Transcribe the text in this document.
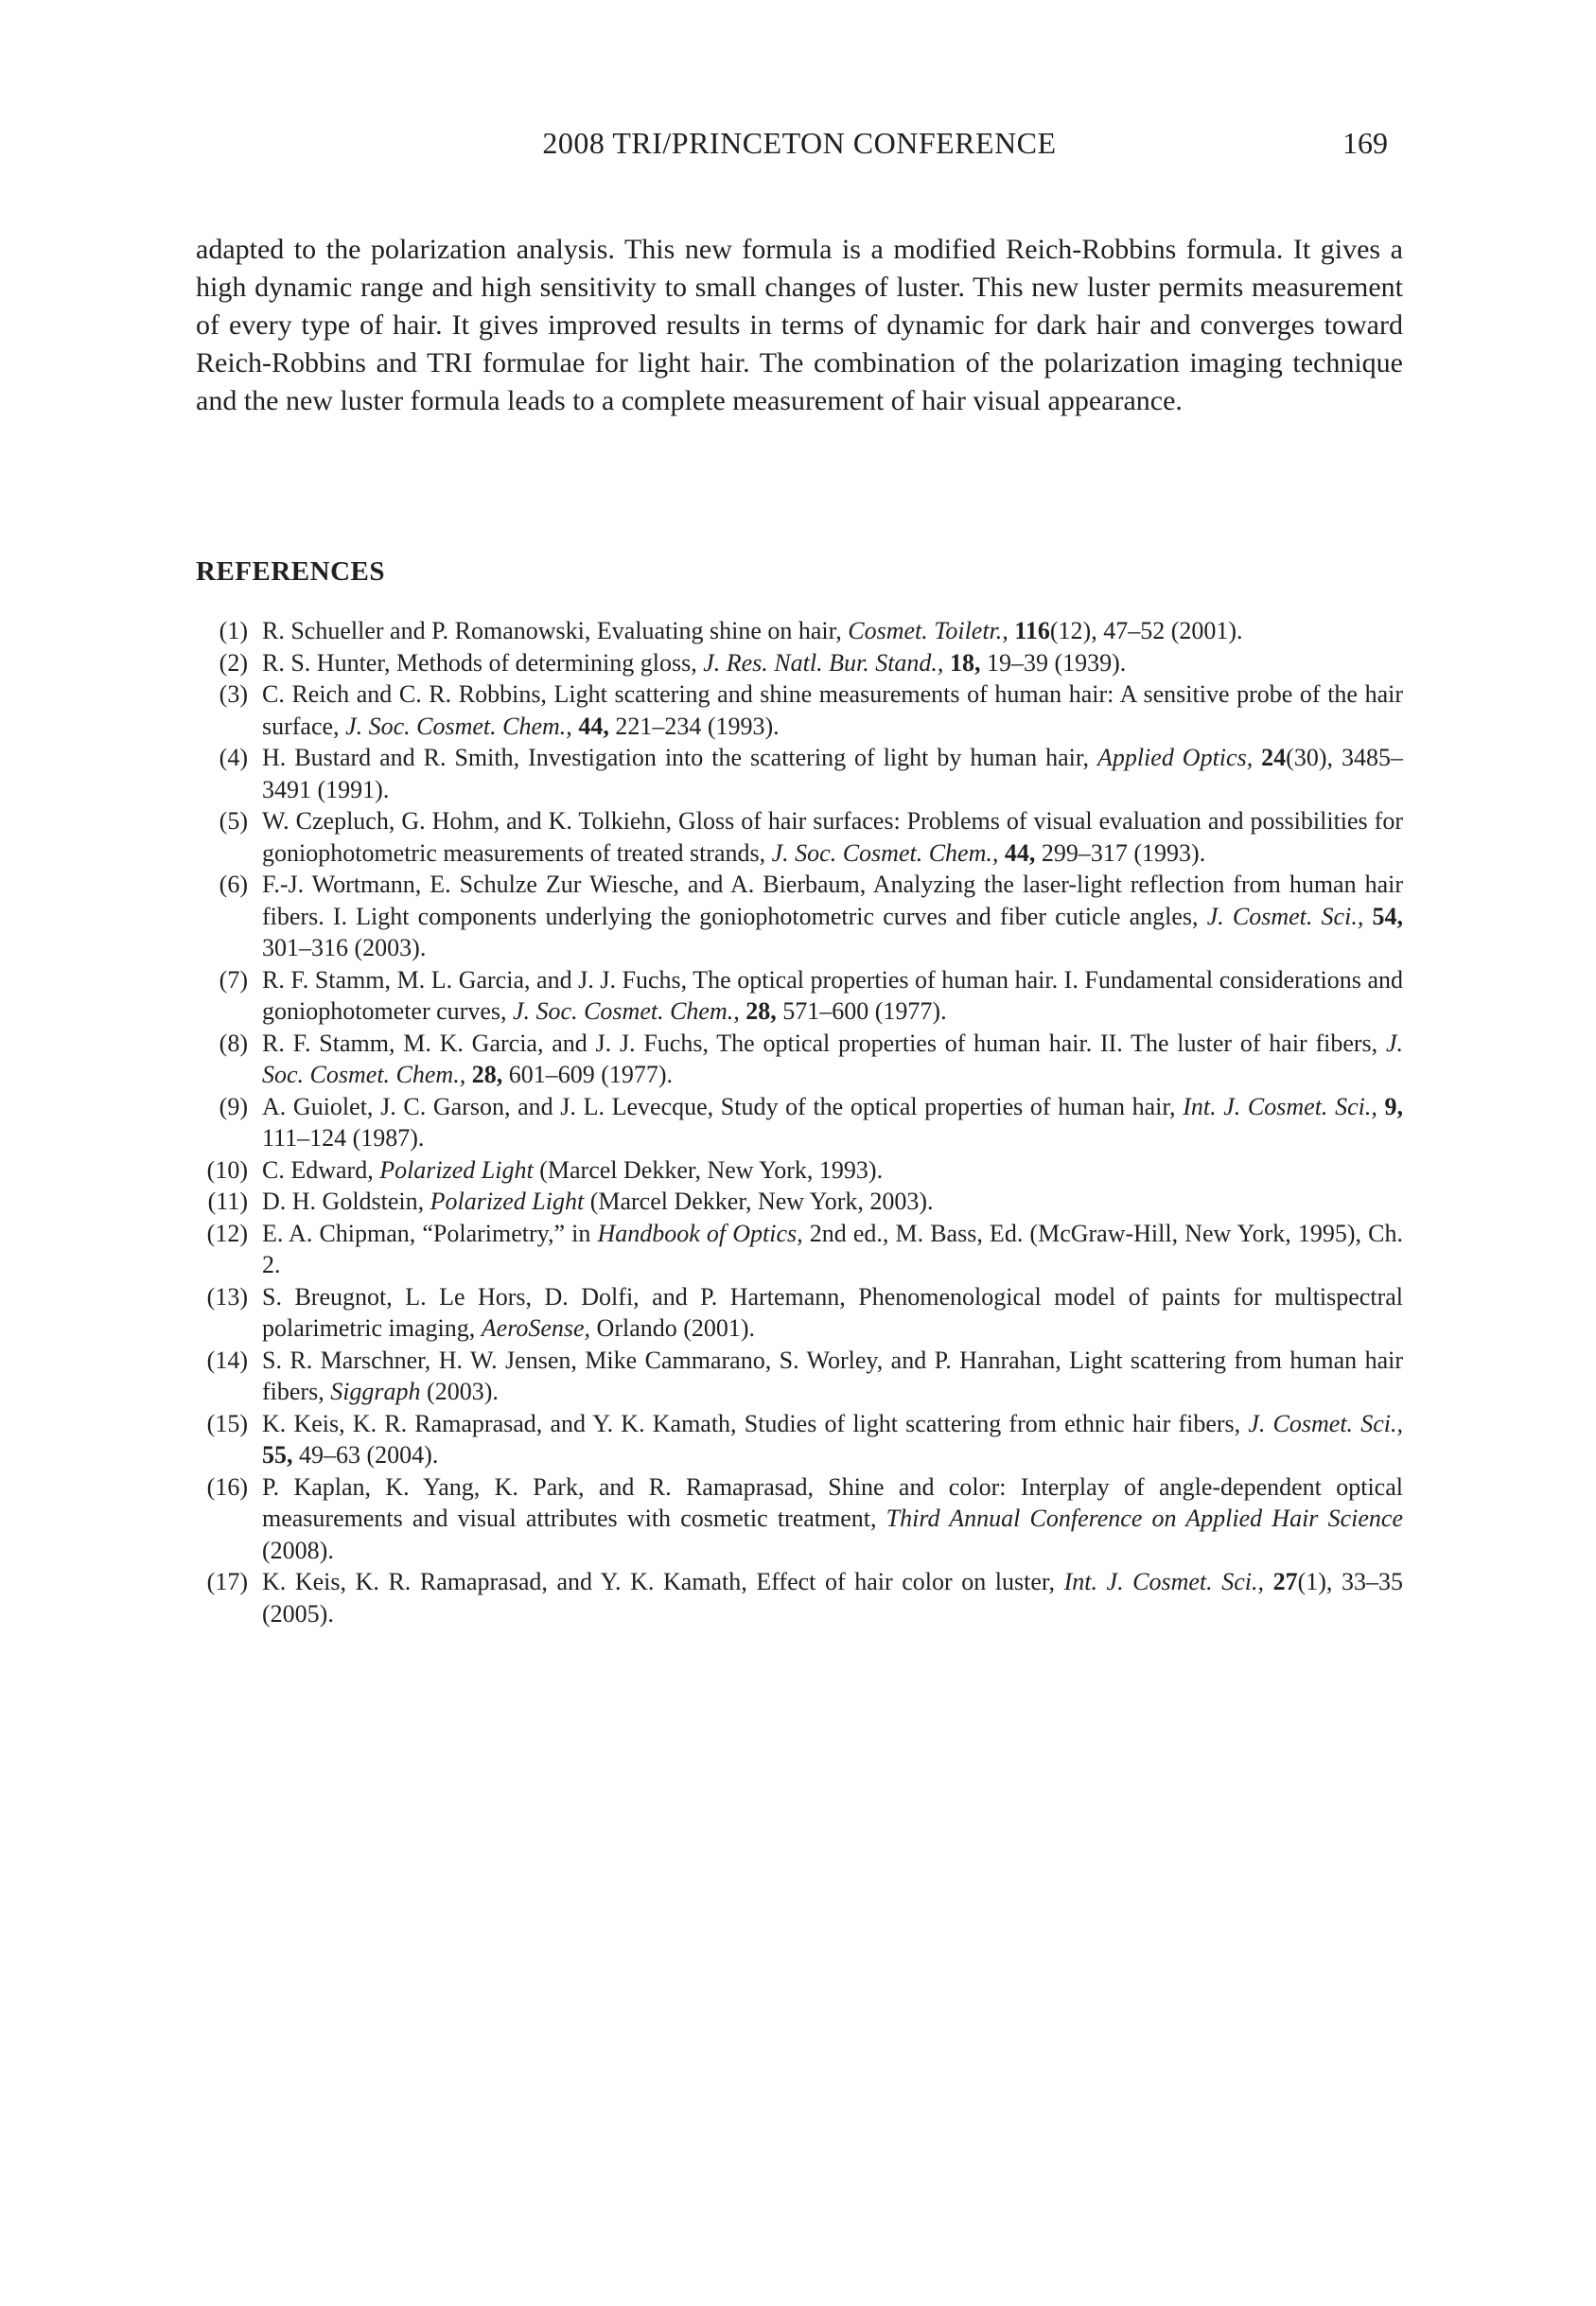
2008 TRI/PRINCETON CONFERENCE	169
adapted to the polarization analysis. This new formula is a modified Reich-Robbins formula. It gives a high dynamic range and high sensitivity to small changes of luster. This new luster permits measurement of every type of hair. It gives improved results in terms of dynamic for dark hair and converges toward Reich-Robbins and TRI formulae for light hair. The combination of the polarization imaging technique and the new luster formula leads to a complete measurement of hair visual appearance.
REFERENCES
(1) R. Schueller and P. Romanowski, Evaluating shine on hair, Cosmet. Toiletr., 116(12), 47–52 (2001).
(2) R. S. Hunter, Methods of determining gloss, J. Res. Natl. Bur. Stand., 18, 19–39 (1939).
(3) C. Reich and C. R. Robbins, Light scattering and shine measurements of human hair: A sensitive probe of the hair surface, J. Soc. Cosmet. Chem., 44, 221–234 (1993).
(4) H. Bustard and R. Smith, Investigation into the scattering of light by human hair, Applied Optics, 24(30), 3485–3491 (1991).
(5) W. Czepluch, G. Hohm, and K. Tolkiehn, Gloss of hair surfaces: Problems of visual evaluation and possibilities for goniophotometric measurements of treated strands, J. Soc. Cosmet. Chem., 44, 299–317 (1993).
(6) F.-J. Wortmann, E. Schulze Zur Wiesche, and A. Bierbaum, Analyzing the laser-light reflection from human hair fibers. I. Light components underlying the goniophotometric curves and fiber cuticle angles, J. Cosmet. Sci., 54, 301–316 (2003).
(7) R. F. Stamm, M. L. Garcia, and J. J. Fuchs, The optical properties of human hair. I. Fundamental considerations and goniophotometer curves, J. Soc. Cosmet. Chem., 28, 571–600 (1977).
(8) R. F. Stamm, M. K. Garcia, and J. J. Fuchs, The optical properties of human hair. II. The luster of hair fibers, J. Soc. Cosmet. Chem., 28, 601–609 (1977).
(9) A. Guiolet, J. C. Garson, and J. L. Levecque, Study of the optical properties of human hair, Int. J. Cosmet. Sci., 9, 111–124 (1987).
(10) C. Edward, Polarized Light (Marcel Dekker, New York, 1993).
(11) D. H. Goldstein, Polarized Light (Marcel Dekker, New York, 2003).
(12) E. A. Chipman, “Polarimetry,” in Handbook of Optics, 2nd ed., M. Bass, Ed. (McGraw-Hill, New York, 1995), Ch. 2.
(13) S. Breugnot, L. Le Hors, D. Dolfi, and P. Hartemann, Phenomenological model of paints for multispectral polarimetric imaging, AeroSense, Orlando (2001).
(14) S. R. Marschner, H. W. Jensen, Mike Cammarano, S. Worley, and P. Hanrahan, Light scattering from human hair fibers, Siggraph (2003).
(15) K. Keis, K. R. Ramaprasad, and Y. K. Kamath, Studies of light scattering from ethnic hair fibers, J. Cosmet. Sci., 55, 49–63 (2004).
(16) P. Kaplan, K. Yang, K. Park, and R. Ramaprasad, Shine and color: Interplay of angle-dependent optical measurements and visual attributes with cosmetic treatment, Third Annual Conference on Applied Hair Science (2008).
(17) K. Keis, K. R. Ramaprasad, and Y. K. Kamath, Effect of hair color on luster, Int. J. Cosmet. Sci., 27(1), 33–35 (2005).
